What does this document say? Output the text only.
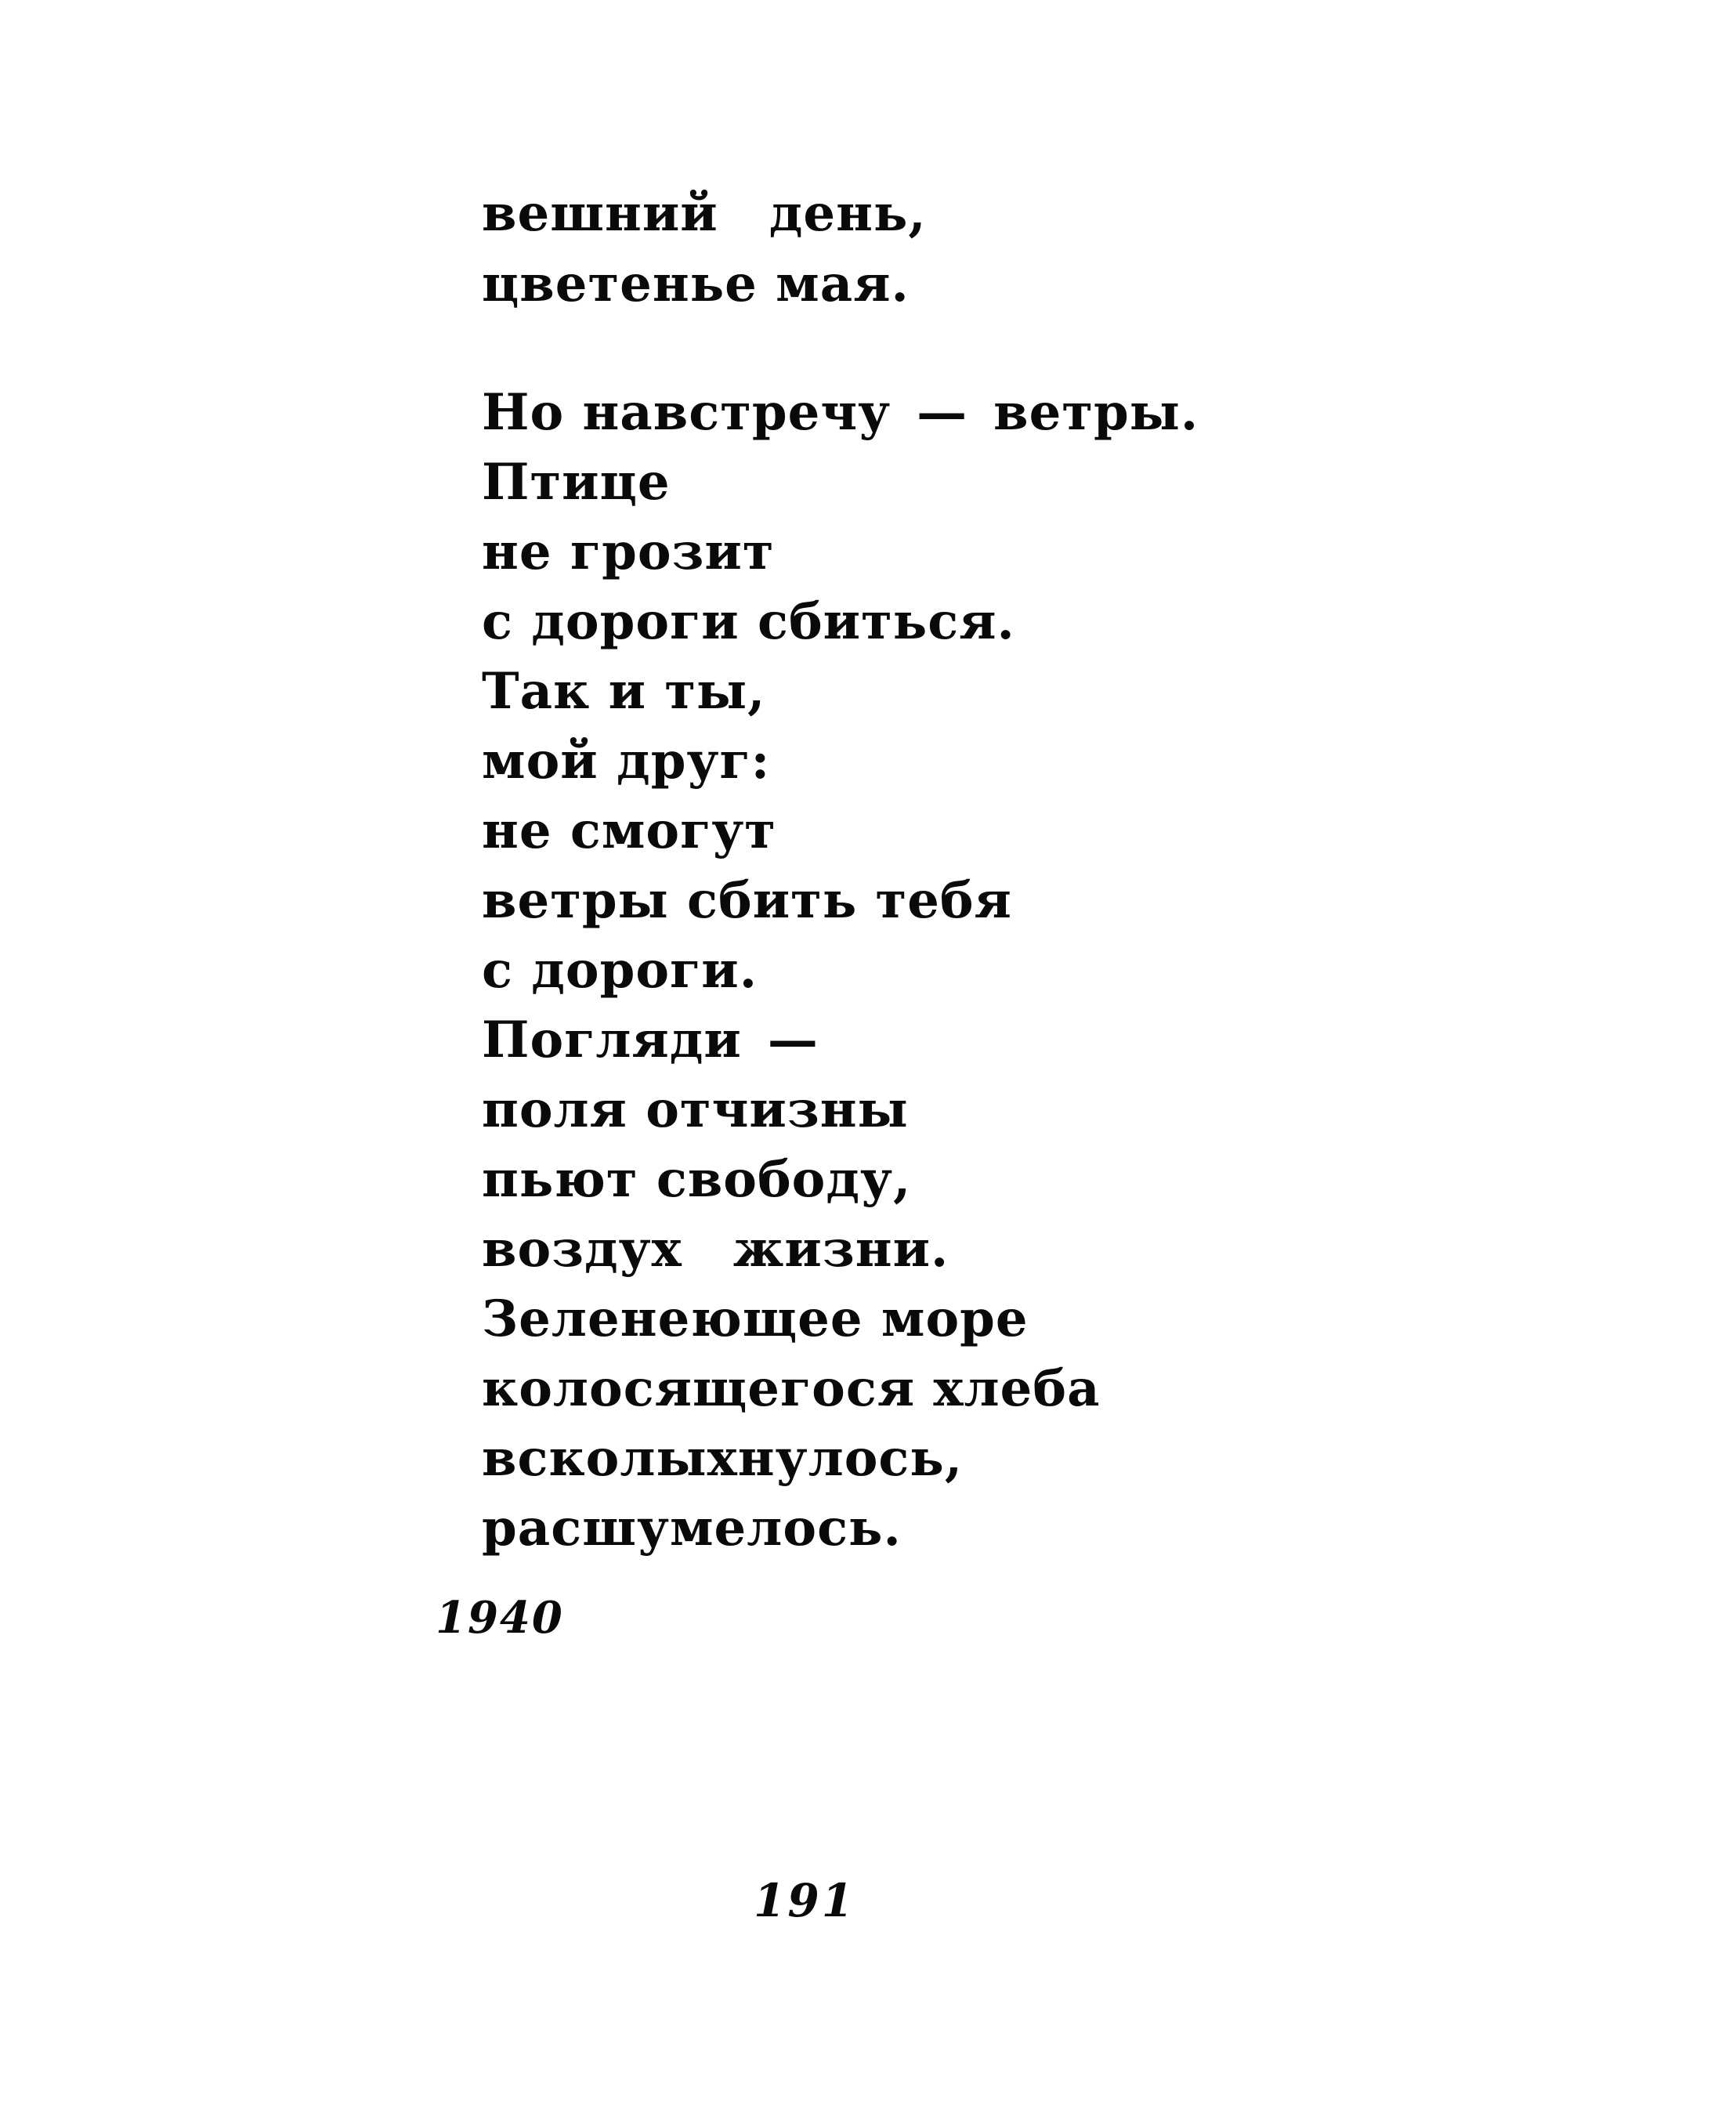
вешний день,
цветенье мая.
Но навстречу — ветры.
Птице
не грозит
с дороги сбиться.
Так и ты,
мой друг:
не смогут
ветры сбить тебя
с дороги.
Погляди —
поля отчизны
пьют свободу,
воздух жизни.
Зеленеющее море
колосящегося хлеба
всколыхнулось,
расшумелось.
1940
191
